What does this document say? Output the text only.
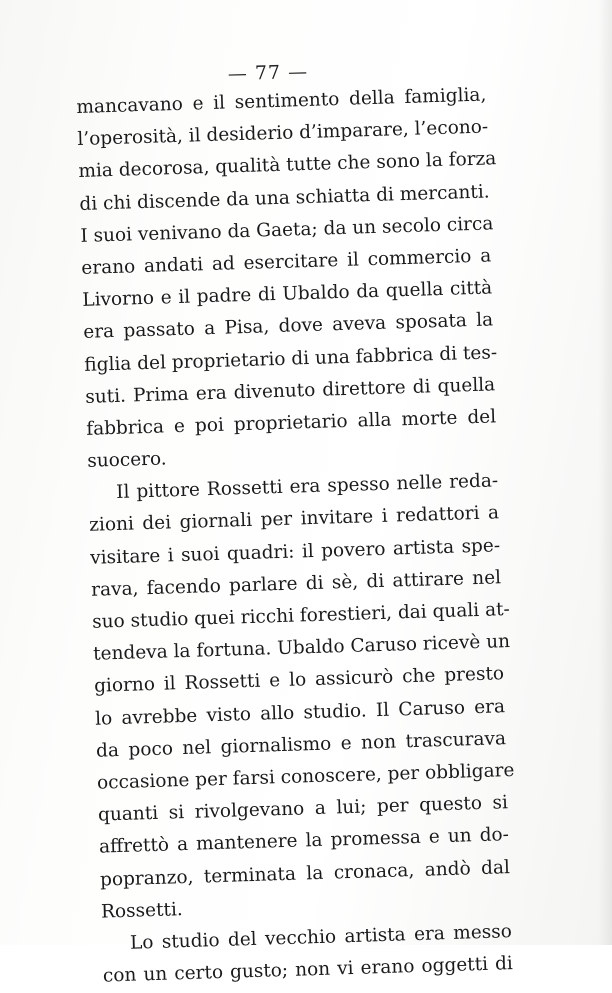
— 77 —
mancavano e il sentimento della famiglia,
l’operosità, il desiderio d’imparare, l’econo-
mia decorosa, qualità tutte che sono la forza
di chi discende da una schiatta di mercanti.
I suoi venivano da Gaeta; da un secolo circa
erano andati ad esercitare il commercio a
Livorno e il padre di Ubaldo da quella città
era passato a Pisa, dove aveva sposata la
figlia del proprietario di una fabbrica di tes-
suti. Prima era divenuto direttore di quella
fabbrica e poi proprietario alla morte del
suocero.
Il pittore Rossetti era spesso nelle reda-
zioni dei giornali per invitare i redattori a
visitare i suoi quadri: il povero artista spe-
rava, facendo parlare di sè, di attirare nel
suo studio quei ricchi forestieri, dai quali at-
tendeva la fortuna. Ubaldo Caruso ricevè un
giorno il Rossetti e lo assicurò che presto
lo avrebbe visto allo studio. Il Caruso era
da poco nel giornalismo e non trascurava
occasione per farsi conoscere, per obbligare
quanti si rivolgevano a lui; per questo si
affrettò a mantenere la promessa e un do-
popranzo, terminata la cronaca, andò dal
Rossetti.
Lo studio del vecchio artista era messo
con un certo gusto; non vi erano oggetti di
